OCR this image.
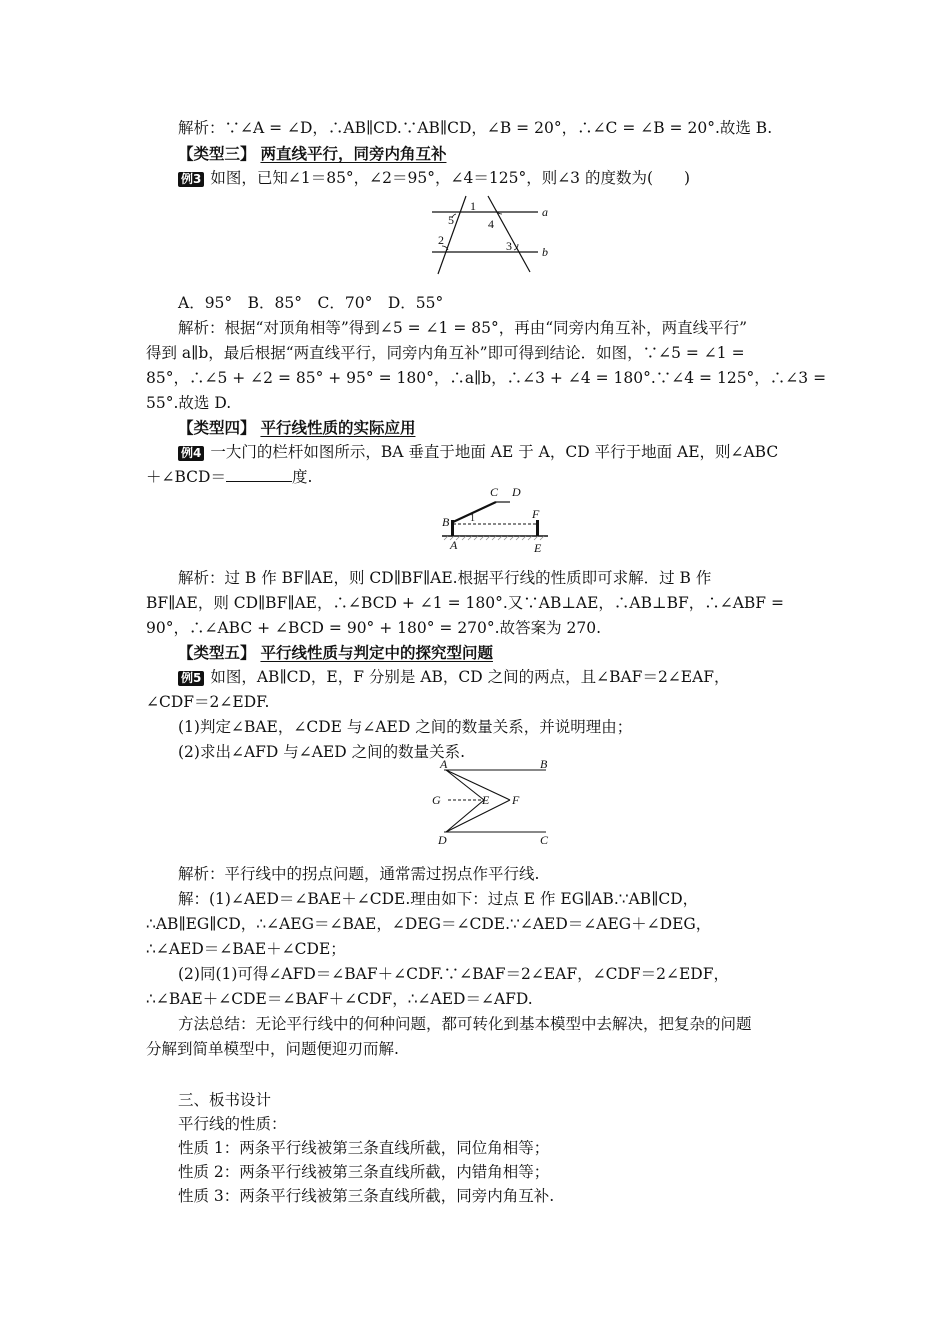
解析：∵∠A = ∠D，∴AB∥CD.∵AB∥CD，∠B = 20°，∴∠C = ∠B = 20°.故选 B.
【类型三】 两直线平行，同旁内角互补
例3 如图，已知∠1＝85°，∠2＝95°，∠4＝125°，则∠3 的度数为(　　)
a
b
1
5	4
2	3
A．95°　B．85°　C．70°　D．55°
解析：根据“对顶角相等”得到∠5 = ∠1 = 85°，再由“同旁内角互补，两直线平行”
得到 a∥b，最后根据“两直线平行，同旁内角互补”即可得到结论．如图，∵∠5 = ∠1 =
85°，∴∠5 + ∠2 = 85° + 95° = 180°，∴a∥b，∴∠3 + ∠4 = 180°.∵∠4 = 125°，∴∠3 =
55°.故选 D.
【类型四】 平行线性质的实际应用
例4 一大门的栏杆如图所示，BA 垂直于地面 AE 于 A，CD 平行于地面 AE，则∠ABC
＋∠BCD＝	度.
C D
B
A
F
E
1
解析：过 B 作 BF∥AE，则 CD∥BF∥AE.根据平行线的性质即可求解．过 B 作
BF∥AE，则 CD∥BF∥AE，∴∠BCD + ∠1 = 180°.又∵AB⊥AE，∴AB⊥BF，∴∠ABF =
90°，∴∠ABC + ∠BCD = 90° + 180° = 270°.故答案为 270.
【类型五】 平行线性质与判定中的探究型问题
例5 如图，AB∥CD，E，F 分别是 AB，CD 之间的两点，且∠BAF＝2∠EAF，
∠CDF＝2∠EDF.
(1)判定∠BAE，∠CDE 与∠AED 之间的数量关系，并说明理由；
(2)求出∠AFD 与∠AED 之间的数量关系.
A	B
G	E F
D	C
解析：平行线中的拐点问题，通常需过拐点作平行线.
解：(1)∠AED＝∠BAE＋∠CDE.理由如下：过点 E 作 EG∥AB.∵AB∥CD，
∴AB∥EG∥CD，∴∠AEG＝∠BAE，∠DEG＝∠CDE.∵∠AED＝∠AEG＋∠DEG，
∴∠AED＝∠BAE＋∠CDE；
(2)同(1)可得∠AFD＝∠BAF＋∠CDF.∵∠BAF＝2∠EAF，∠CDF＝2∠EDF，
∴∠BAE＋∠CDE＝∠BAF＋∠CDF，∴∠AED＝∠AFD.
方法总结：无论平行线中的何种问题，都可转化到基本模型中去解决，把复杂的问题
分解到简单模型中，问题便迎刃而解.
三、板书设计
平行线的性质：
性质 1：两条平行线被第三条直线所截，同位角相等；
性质 2：两条平行线被第三条直线所截，内错角相等；
性质 3：两条平行线被第三条直线所截，同旁内角互补.
